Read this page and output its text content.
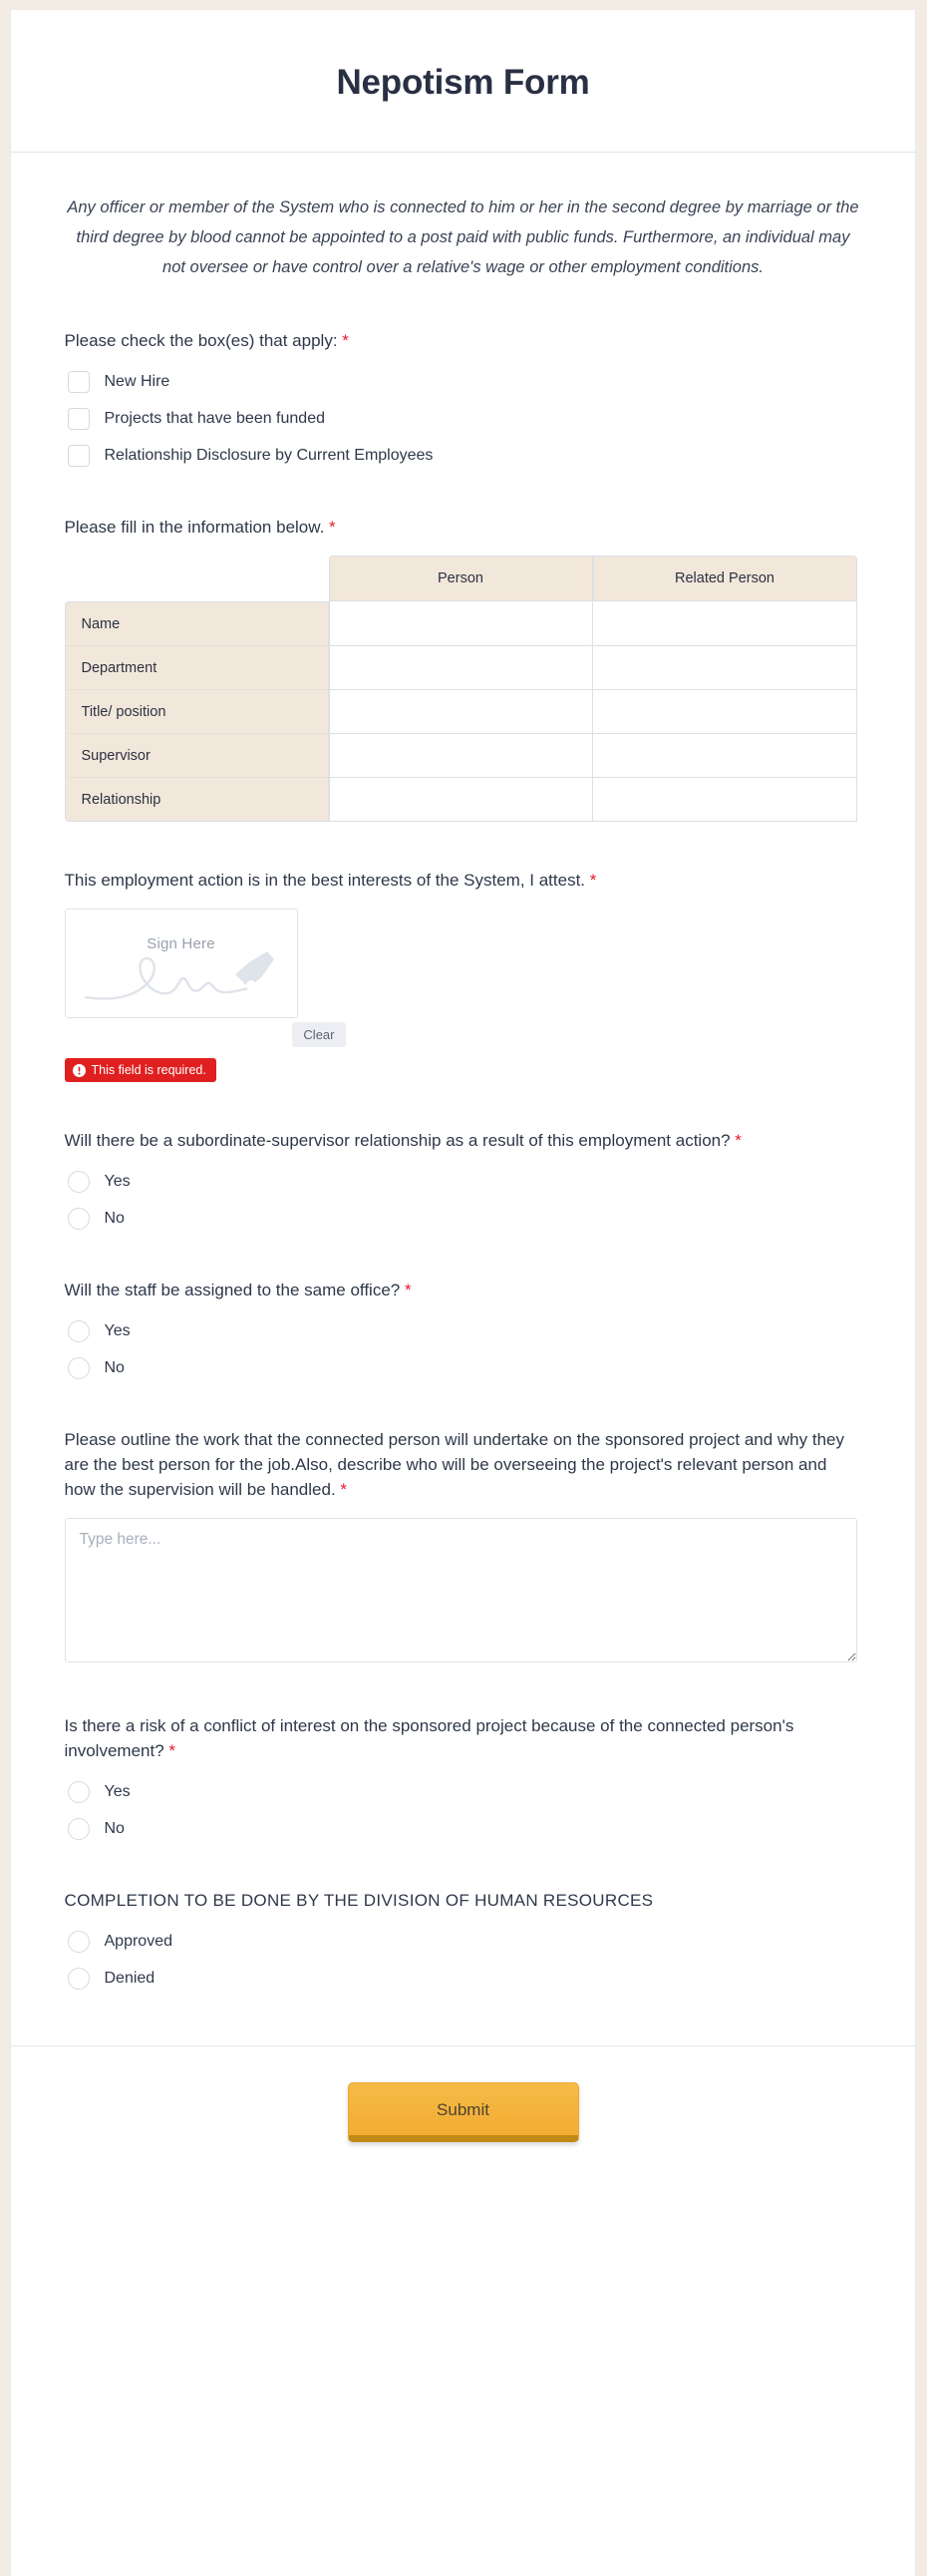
Nepotism Form

Any officer or member of the System who is connected to him or her in the second degree by marriage or the third degree by blood cannot be appointed to a post paid with public funds. Furthermore, an individual may not oversee or have control over a relative's wage or other employment conditions.

Please check the box(es) that apply: *
New Hire
Projects that have been funded
Relationship Disclosure by Current Employees
Please fill in the information below. *
	Person	Related Person
Name		
Department		
Title/ position		
Supervisor		
Relationship		
This employment action is in the best interests of the System, I attest. *
Sign Here
Clear
This field is required.
Will there be a subordinate-supervisor relationship as a result of this employment action? *
Yes
No
Will the staff be assigned to the same office? *
Yes
No
Please outline the work that the connected person will undertake on the sponsored project and why they are the best person for the job.Also, describe who will be overseeing the project's relevant person and how the supervision will be handled. *
Type here...
Is there a risk of a conflict of interest on the sponsored project because of the connected person's involvement? *
Yes
No
COMPLETION TO BE DONE BY THE DIVISION OF HUMAN RESOURCES
Approved
Denied
Submit
